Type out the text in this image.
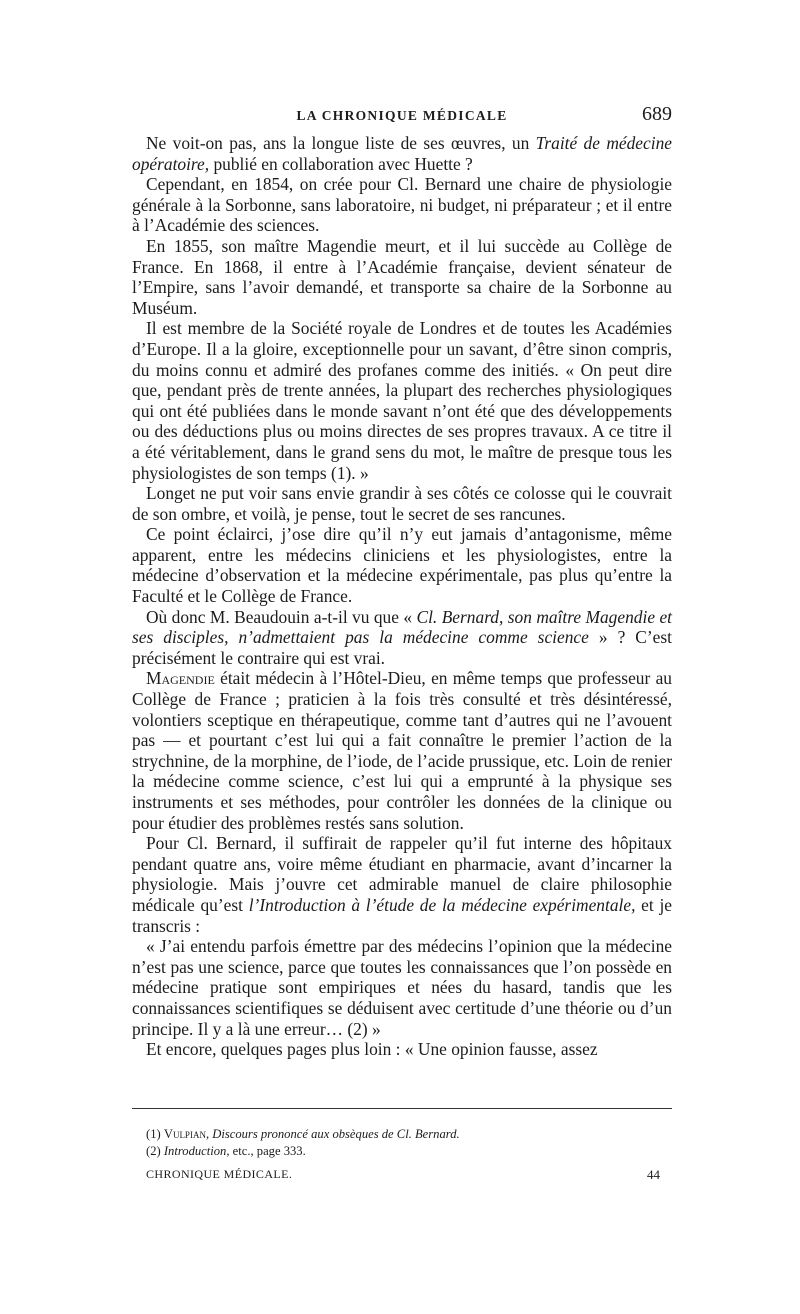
LA CHRONIQUE MÉDICALE	689

Ne voit-on pas, ans la longue liste de ses œuvres, un Traité de médecine opératoire, publié en collaboration avec Huette ?

Cependant, en 1854, on crée pour Cl. Bernard une chaire de physiologie générale à la Sorbonne, sans laboratoire, ni budget, ni préparateur ; et il entre à l’Académie des sciences.

En 1855, son maître Magendie meurt, et il lui succède au Collège de France. En 1868, il entre à l’Académie française, devient sénateur de l’Empire, sans l’avoir demandé, et transporte sa chaire de la Sorbonne au Muséum.

Il est membre de la Société royale de Londres et de toutes les Académies d’Europe. Il a la gloire, exceptionnelle pour un savant, d’être sinon compris, du moins connu et admiré des profanes comme des initiés. « On peut dire que, pendant près de trente années, la plupart des recherches physiologiques qui ont été publiées dans le monde savant n’ont été que des développements ou des déductions plus ou moins directes de ses propres travaux. A ce titre il a été véritablement, dans le grand sens du mot, le maître de presque tous les physiologistes de son temps (1). »

Longet ne put voir sans envie grandir à ses côtés ce colosse qui le couvrait de son ombre, et voilà, je pense, tout le secret de ses rancunes.

Ce point éclairci, j’ose dire qu’il n’y eut jamais d’antagonisme, même apparent, entre les médecins cliniciens et les physiologistes, entre la médecine d’observation et la médecine expérimentale, pas plus qu’entre la Faculté et le Collège de France.

Où donc M. Beaudouin a-t-il vu que « Cl. Bernard, son maître Magendie et ses disciples, n’admettaient pas la médecine comme science » ? C’est précisément le contraire qui est vrai.

Magendie était médecin à l’Hôtel-Dieu, en même temps que professeur au Collège de France ; praticien à la fois très consulté et très désintéressé, volontiers sceptique en thérapeutique, comme tant d’autres qui ne l’avouent pas — et pourtant c’est lui qui a fait connaître le premier l’action de la strychnine, de la morphine, de l’iode, de l’acide prussique, etc. Loin de renier la médecine comme science, c’est lui qui a emprunté à la physique ses instruments et ses méthodes, pour contrôler les données de la clinique ou pour étudier des problèmes restés sans solution.

Pour Cl. Bernard, il suffirait de rappeler qu’il fut interne des hôpitaux pendant quatre ans, voire même étudiant en pharmacie, avant d’incarner la physiologie. Mais j’ouvre cet admirable manuel de claire philosophie médicale qu’est l’Introduction à l’étude de la médecine expérimentale, et je transcris :

« J’ai entendu parfois émettre par des médecins l’opinion que la médecine n’est pas une science, parce que toutes les connaissances que l’on possède en médecine pratique sont empiriques et nées du hasard, tandis que les connaissances scientifiques se déduisent avec certitude d’une théorie ou d’un principe. Il y a là une erreur… (2) »

Et encore, quelques pages plus loin : « Une opinion fausse, assez

(1) Vulpian, Discours prononcé aux obsèques de Cl. Bernard.

(2) Introduction, etc., page 333.

CHRONIQUE MÉDICALE.	44
